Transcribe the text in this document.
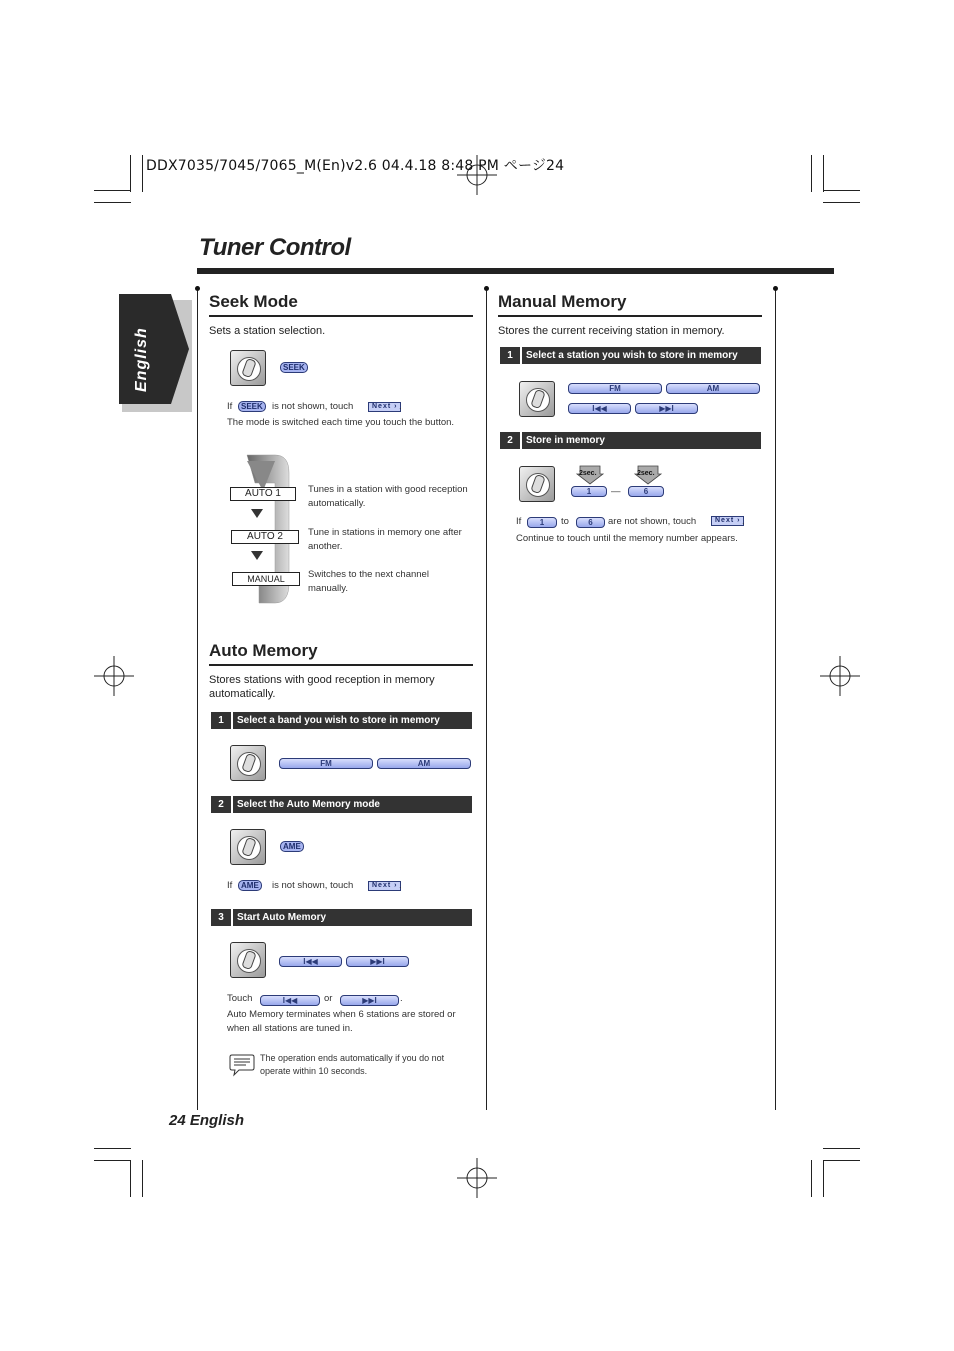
DDX7035/7045/7065_M(En)v2.6 04.4.18 8:48 PM ページ24
Tuner Control
English
Seek Mode
Sets a station selection.
SEEK
If	SEEK is not shown, touch	Next › .
The mode is switched each time you touch the button.
AUTO 1	Tunes in a station with good reception automatically.
AUTO 2	Tune in stations in memory one after another.
MANUAL	Switches to the next channel manually.
Auto Memory
Stores stations with good reception in memory automatically.
1	Select a band you wish to store in memory
FM	AM
2	Select the Auto Memory mode
AME
If	AME	is not shown, touch	Next › .
3	Start Auto Memory
I◀◀	▶▶I
Touch	I◀◀	or	▶▶I	.
Auto Memory terminates when 6 stations are stored or when all stations are tuned in.
The operation ends automatically if you do not operate within 10 seconds.
Manual Memory
Stores the current receiving station in memory.
1	Select a station you wish to store in memory
FM	AM
I◀◀	▶▶I
2	Store in memory
2sec.	2sec.
1	—	6
If	1	to	6	are not shown, touch	Next › .
Continue to touch until the memory number appears.
24 English
